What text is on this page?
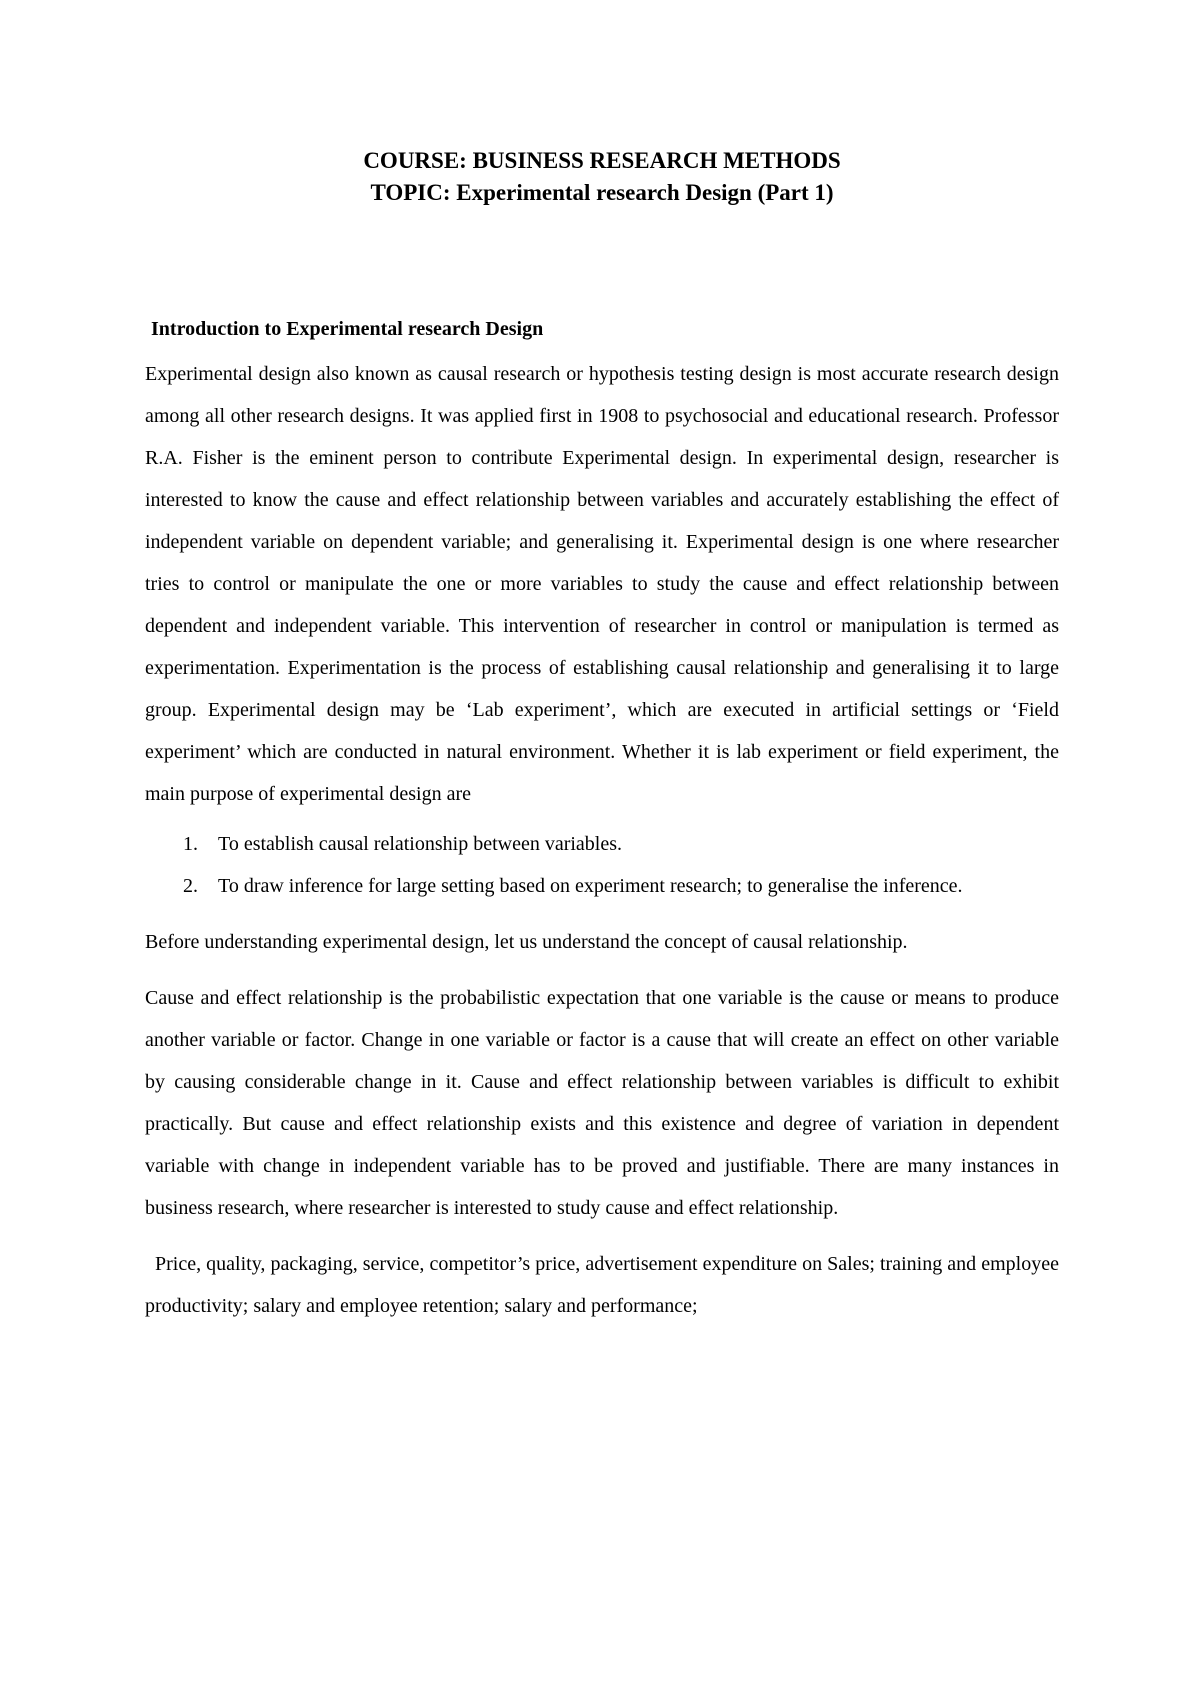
COURSE: BUSINESS RESEARCH METHODS

TOPIC: Experimental research Design (Part 1)

Introduction to Experimental research Design

Experimental design also known as causal research or hypothesis testing design is most accurate research design among all other research designs. It was applied first in 1908 to psychosocial and educational research. Professor R.A. Fisher is the eminent person to contribute Experimental design. In experimental design, researcher is interested to know the cause and effect relationship between variables and accurately establishing the effect of independent variable on dependent variable; and generalising it. Experimental design is one where researcher tries to control or manipulate the one or more variables to study the cause and effect relationship between dependent and independent variable. This intervention of researcher in control or manipulation is termed as experimentation. Experimentation is the process of establishing causal relationship and generalising it to large group. Experimental design may be ‘Lab experiment’, which are executed in artificial settings or ‘Field experiment’ which are conducted in natural environment. Whether it is lab experiment or field experiment, the main purpose of experimental design are

1. To establish causal relationship between variables.
2. To draw inference for large setting based on experiment research; to generalise the inference.

Before understanding experimental design, let us understand the concept of causal relationship.

Cause and effect relationship is the probabilistic expectation that one variable is the cause or means to produce another variable or factor. Change in one variable or factor is a cause that will create an effect on other variable by causing considerable change in it. Cause and effect relationship between variables is difficult to exhibit practically. But cause and effect relationship exists and this existence and degree of variation in dependent variable with change in independent variable has to be proved and justifiable. There are many instances in business research, where researcher is interested to study cause and effect relationship.

Price, quality, packaging, service, competitor’s price, advertisement expenditure on Sales; training and employee productivity; salary and employee retention; salary and performance;
